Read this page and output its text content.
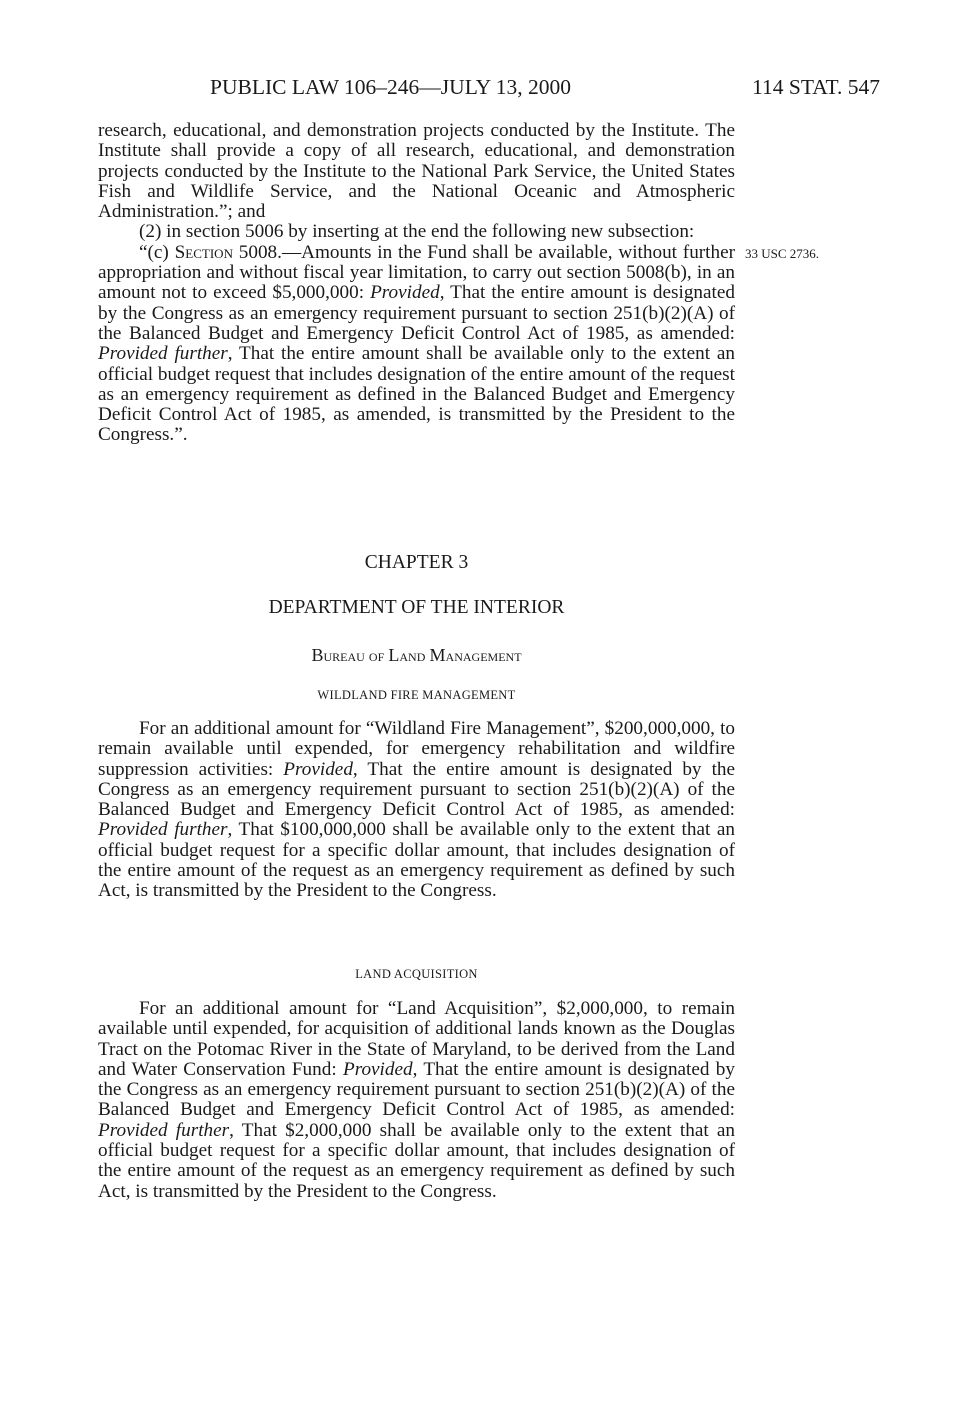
PUBLIC LAW 106–246—JULY 13, 2000	114 STAT. 547

research, educational, and demonstration projects conducted by the Institute. The Institute shall provide a copy of all research, educational, and demonstration projects conducted by the Institute to the National Park Service, the United States Fish and Wildlife Service, and the National Oceanic and Atmospheric Administration.”; and

(2) in section 5006 by inserting at the end the following new subsection:

“(c) Section 5008.—Amounts in the Fund shall be available, without further appropriation and without fiscal year limitation, to carry out section 5008(b), in an amount not to exceed $5,000,000: Provided, That the entire amount is designated by the Congress as an emergency requirement pursuant to section 251(b)(2)(A) of the Balanced Budget and Emergency Deficit Control Act of 1985, as amended: Provided further, That the entire amount shall be available only to the extent an official budget request that includes designation of the entire amount of the request as an emergency requirement as defined in the Balanced Budget and Emergency Deficit Control Act of 1985, as amended, is transmitted by the President to the Congress.”.

33 USC 2736.

CHAPTER 3

DEPARTMENT OF THE INTERIOR

Bureau of Land Management

WILDLAND FIRE MANAGEMENT

For an additional amount for “Wildland Fire Management”, $200,000,000, to remain available until expended, for emergency rehabilitation and wildfire suppression activities: Provided, That the entire amount is designated by the Congress as an emergency requirement pursuant to section 251(b)(2)(A) of the Balanced Budget and Emergency Deficit Control Act of 1985, as amended: Provided further, That $100,000,000 shall be available only to the extent that an official budget request for a specific dollar amount, that includes designation of the entire amount of the request as an emergency requirement as defined by such Act, is transmitted by the President to the Congress.

LAND ACQUISITION

For an additional amount for “Land Acquisition”, $2,000,000, to remain available until expended, for acquisition of additional lands known as the Douglas Tract on the Potomac River in the State of Maryland, to be derived from the Land and Water Conservation Fund: Provided, That the entire amount is designated by the Congress as an emergency requirement pursuant to section 251(b)(2)(A) of the Balanced Budget and Emergency Deficit Control Act of 1985, as amended: Provided further, That $2,000,000 shall be available only to the extent that an official budget request for a specific dollar amount, that includes designation of the entire amount of the request as an emergency requirement as defined by such Act, is transmitted by the President to the Congress.
